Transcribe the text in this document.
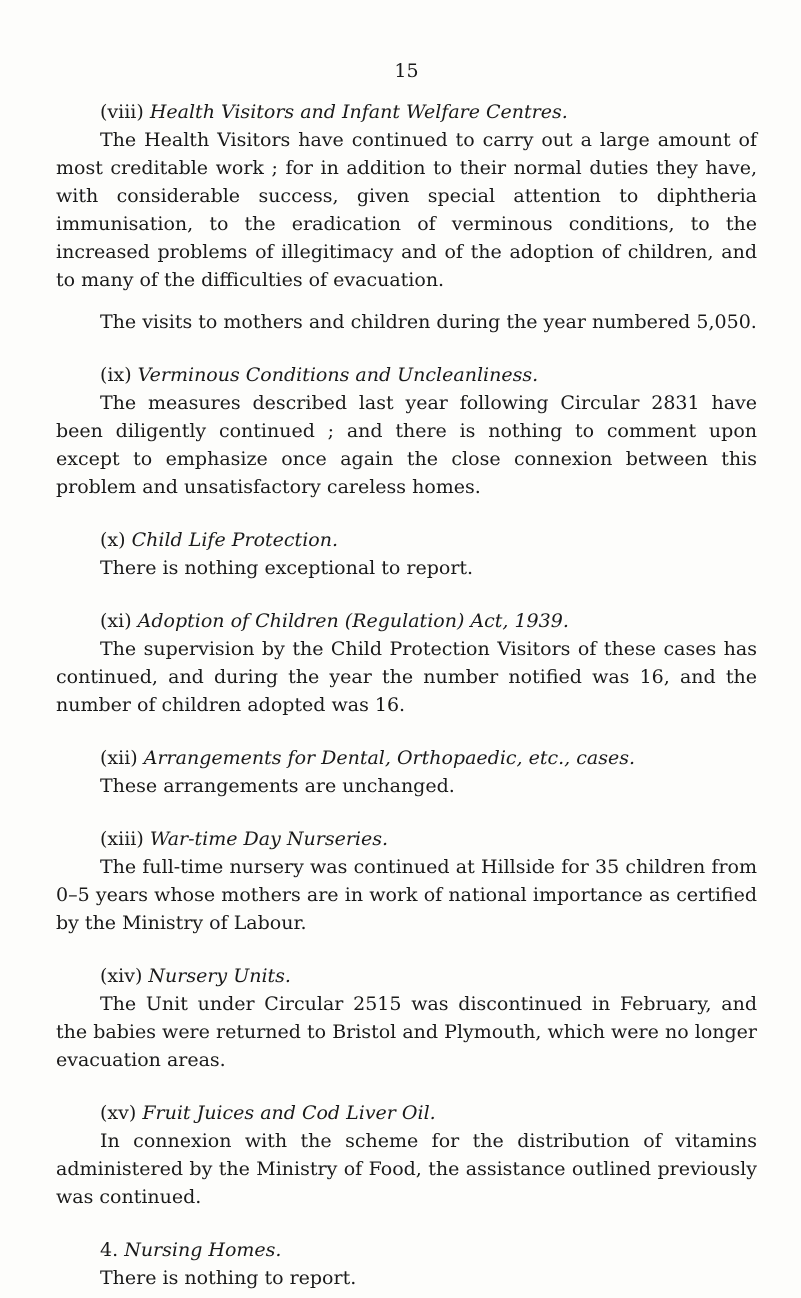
15

(viii) Health Visitors and Infant Welfare Centres.

The Health Visitors have continued to carry out a large amount of most creditable work ; for in addition to their normal duties they have, with considerable success, given special attention to diphtheria immunisation, to the eradication of verminous conditions, to the increased problems of illegitimacy and of the adoption of children, and to many of the difficulties of evacuation.

The visits to mothers and children during the year numbered 5,050.

(ix) Verminous Conditions and Uncleanliness.

The measures described last year following Circular 2831 have been diligently continued ; and there is nothing to comment upon except to emphasize once again the close connexion between this problem and unsatisfactory careless homes.

(x) Child Life Protection.

There is nothing exceptional to report.

(xi) Adoption of Children (Regulation) Act, 1939.

The supervision by the Child Protection Visitors of these cases has continued, and during the year the number notified was 16, and the number of children adopted was 16.

(xii) Arrangements for Dental, Orthopaedic, etc., cases.

These arrangements are unchanged.

(xiii) War-time Day Nurseries.

The full-time nursery was continued at Hillside for 35 children from 0–5 years whose mothers are in work of national importance as certified by the Ministry of Labour.

(xiv) Nursery Units.

The Unit under Circular 2515 was discontinued in February, and the babies were returned to Bristol and Plymouth, which were no longer evacuation areas.

(xv) Fruit Juices and Cod Liver Oil.

In connexion with the scheme for the distribution of vitamins administered by the Ministry of Food, the assistance outlined previously was continued.

4. Nursing Homes.

There is nothing to report.
